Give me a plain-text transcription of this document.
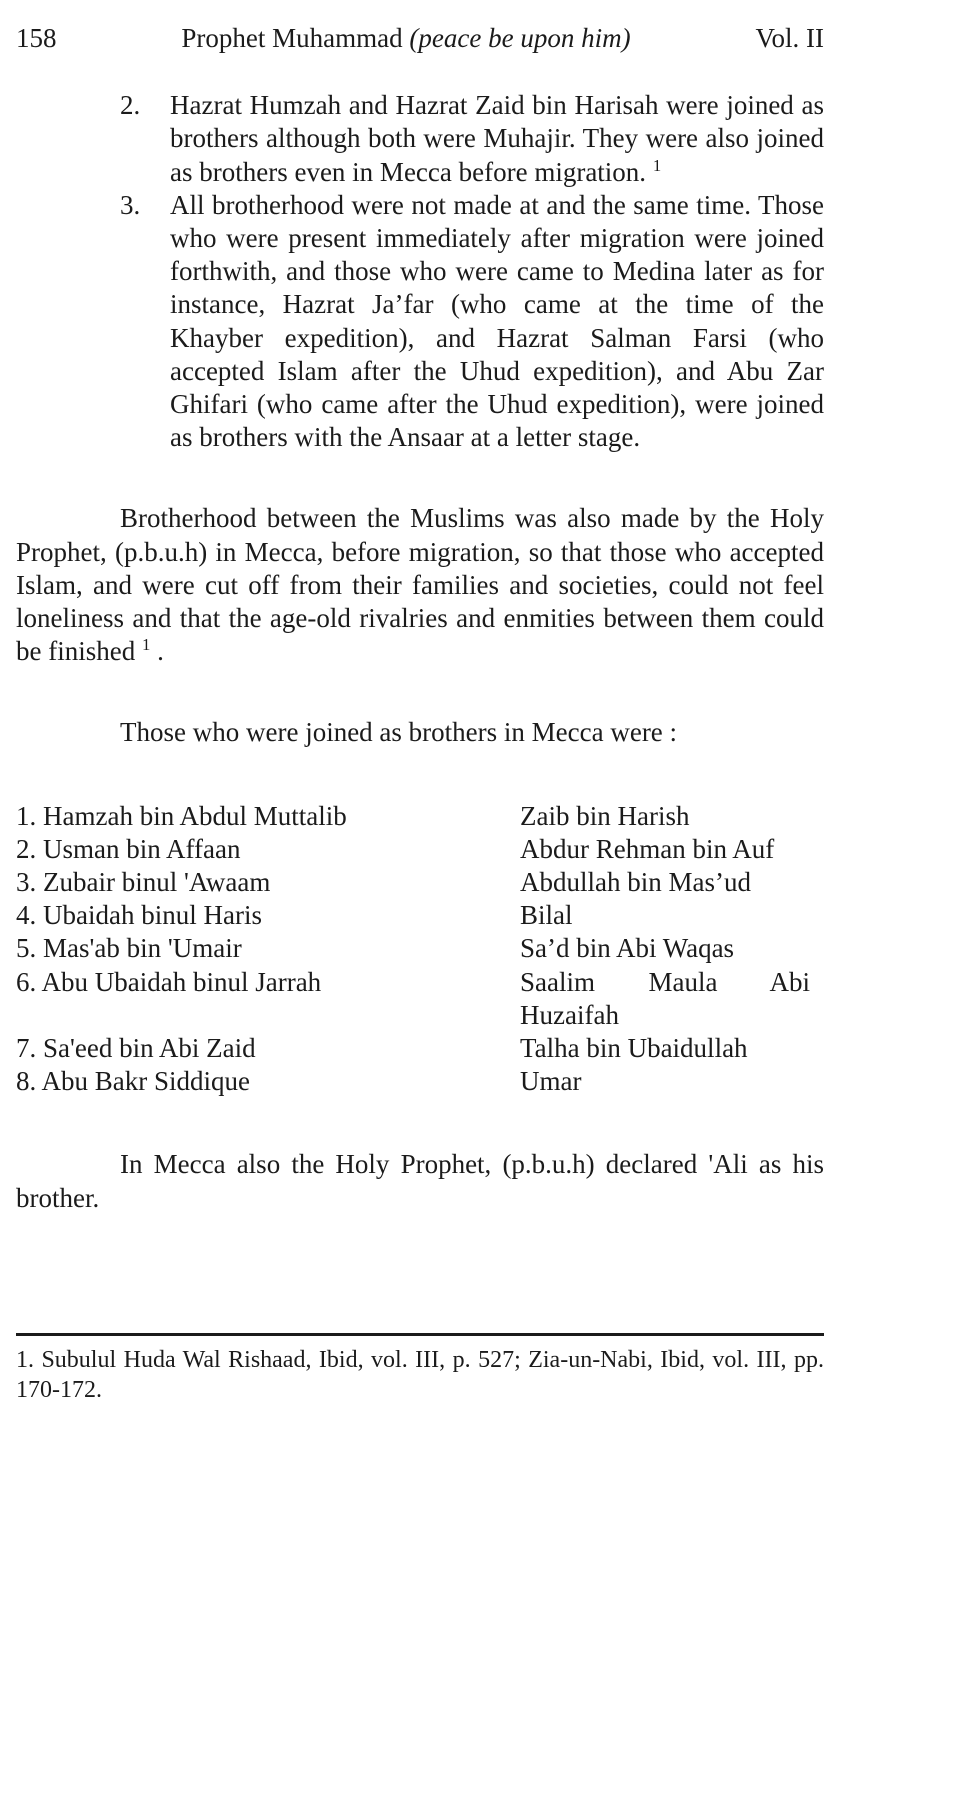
158	Prophet Muhammad (peace be upon him)	Vol. II
2. Hazrat Humzah and Hazrat Zaid bin Harisah were joined as brothers although both were Muhajir. They were also joined as brothers even in Mecca before migration. $^1$
3. All brotherhood were not made at and the same time. Those who were present immediately after migration were joined forthwith, and those who were came to Medina later as for instance, Hazrat Ja’far (who came at the time of the Khayber expedition), and Hazrat Salman Farsi (who accepted Islam after the Uhud expedition), and Abu Zar Ghifari (who came after the Uhud expedition), were joined as brothers with the Ansaar at a letter stage.

Brotherhood between the Muslims was also made by the Holy Prophet, (p.b.u.h) in Mecca, before migration, so that those who accepted Islam, and were cut off from their families and societies, could not feel loneliness and that the age-old rivalries and enmities between them could be finished $^1$ .

Those who were joined as brothers in Mecca were :

1. Hamzah bin Abdul Muttalib	Zaib bin Harish
2. Usman bin Affaan	Abdur Rehman bin Auf
3. Zubair binul 'Awaam	Abdullah bin Mas’ud
4. Ubaidah binul Haris	Bilal
5. Mas'ab bin 'Umair	Sa’d bin Abi Waqas
6. Abu Ubaidah binul Jarrah	Saalim Maula Abi Huzaifah
7. Sa'eed bin Abi Zaid	Talha bin Ubaidullah
8. Abu Bakr Siddique	Umar

In Mecca also the Holy Prophet, (p.b.u.h) declared 'Ali as his brother.

1. Subulul Huda Wal Rishaad, Ibid, vol. III, p. 527; Zia-un-Nabi, Ibid, vol. III, pp. 170-172.
